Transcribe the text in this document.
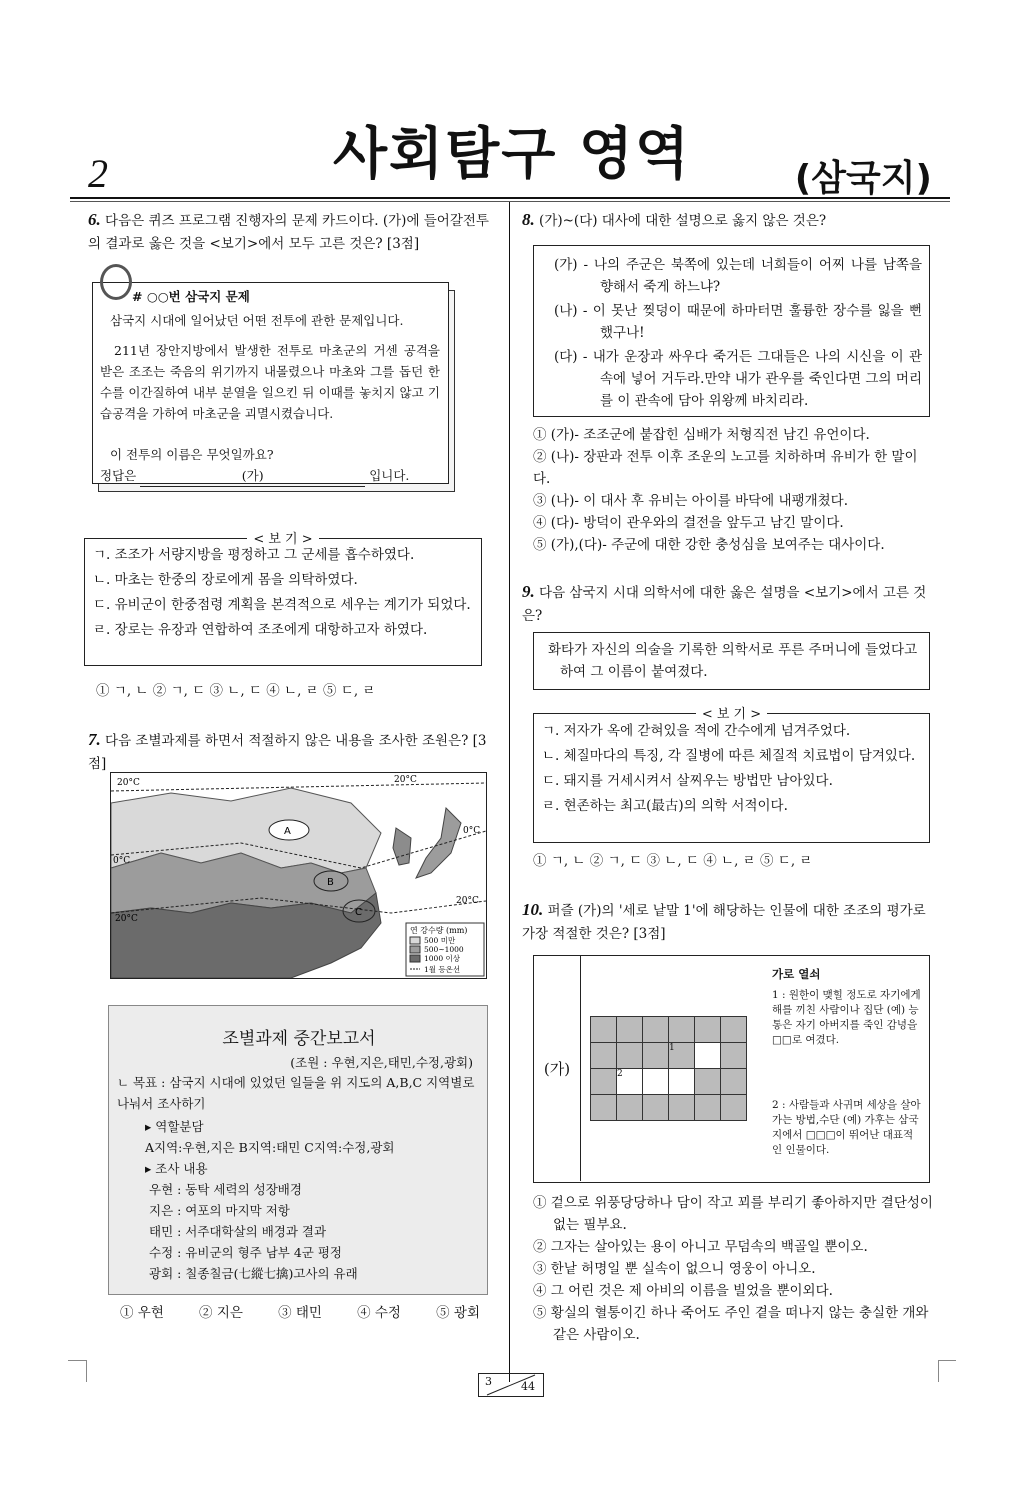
2	사회탐구 영역	(삼국지)
6. 다음은 퀴즈 프로그램 진행자의 문제 카드이다. (가)에 들어갈전투의 결과로 옳은 것을 <보기>에서 모두 고른 것은? [3점]
# ○○번 삼국지 문제
삼국지 시대에 일어났던 어떤 전투에 관한 문제입니다.
211년 장안지방에서 발생한 전투로 마초군의 거센 공격을 받은 조조는 죽음의 위기까지 내몰렸으나 마초와 그를 돕던 한수를 이간질하여 내부 분열을 일으킨 뒤 이때를 놓치지 않고 기습공격을 가하여 마초군을 괴멸시켰습니다.
이 전투의 이름은 무엇일까요?
정답은	(가)	입니다.
< 보 기 >
ㄱ. 조조가 서량지방을 평정하고 그 군세를 흡수하였다.
ㄴ. 마초는 한중의 장로에게 몸을 의탁하였다.
ㄷ. 유비군이 한중점령 계획을 본격적으로 세우는 계기가 되었다.
ㄹ. 장로는 유장과 연합하여 조조에게 대항하고자 하였다.
① ㄱ, ㄴ ② ㄱ, ㄷ ③ ㄴ, ㄷ ④ ㄴ, ㄹ ⑤ ㄷ, ㄹ
7. 다음 조별과제를 하면서 적절하지 않은 내용을 조사한 조원은? [3점]
A
B
C
20°C	20°C
0°C
0°C
20°C
20°C
연 강수량 (mm)
500 미만
500~1000
1000 이상
1월 등온선
조별과제 중간보고서
(조원 : 우현,지은,태민,수정,광회)
ㄴ 목표 : 삼국지 시대에 있었던 일들을 위 지도의 A,B,C 지역별로 나눠서 조사하기
▸ 역할분담
A지역:우현,지은 B지역:태민 C지역:수정,광회
▸ 조사 내용
우현 : 동탁 세력의 성장배경
지은 : 여포의 마지막 저항
태민 : 서주대학살의 배경과 결과
수정 : 유비군의 형주 남부 4군 평정
광회 : 칠종칠금(七縱七擒)고사의 유래
① 우현	② 지은	③ 태민	④ 수정	⑤ 광회
8. (가)~(다) 대사에 대한 설명으로 옳지 않은 것은?
(가) - 나의 주군은 북쪽에 있는데 너희들이 어찌 나를 남쪽을 향해서 죽게 하느냐?
(나) - 이 못난 찢덩이 때문에 하마터면 훌륭한 장수를 잃을 뻔 했구나!
(다) - 내가 운장과 싸우다 죽거든 그대들은 나의 시신을 이 관 속에 넣어 거두라.만약 내가 관우를 죽인다면 그의 머리를 이 관속에 담아 위왕께 바치리라.
① (가)- 조조군에 붙잡힌 심배가 처형직전 남긴 유언이다.
② (나)- 장판과 전투 이후 조운의 노고를 치하하며 유비가 한 말이다.
③ (나)- 이 대사 후 유비는 아이를 바닥에 내팽개쳤다.
④ (다)- 방덕이 관우와의 결전을 앞두고 남긴 말이다.
⑤ (가),(다)- 주군에 대한 강한 충성심을 보여주는 대사이다.
9. 다음 삼국지 시대 의학서에 대한 옳은 설명을 <보기>에서 고른 것은?
화타가 자신의 의술을 기록한 의학서로 푸른 주머니에 들었다고 하여 그 이름이 붙여졌다.
< 보 기 >
ㄱ. 저자가 옥에 갇혀있을 적에 간수에게 넘겨주었다.
ㄴ. 체질마다의 특징, 각 질병에 따른 체질적 치료법이 담겨있다.
ㄷ. 돼지를 거세시켜서 살찌우는 방법만 남아있다.
ㄹ. 현존하는 최고(最古)의 의학 서적이다.
① ㄱ, ㄴ ② ㄱ, ㄷ ③ ㄴ, ㄷ ④ ㄴ, ㄹ ⑤ ㄷ, ㄹ
10. 퍼즐 (가)의 '세로 낱말 1'에 해당하는 인물에 대한 조조의 평가로 가장 적절한 것은? [3점]
(가)

			1		
	2				

가로 열쇠
1 : 원한이 맺힐 정도로 자기에게 해를 끼친 사람이나 집단 (예) 능통은 자기 아버지를 죽인 감녕을 □□로 여겼다.
2 : 사람들과 사귀며 세상을 살아가는 방법,수단 (예) 가후는 삼국지에서 □□□이 뛰어난 대표적인 인물이다.
① 겉으로 위풍당당하나 담이 작고 꾀를 부리기 좋아하지만 결단성이 없는 필부요.
② 그자는 살아있는 용이 아니고 무덤속의 백골일 뿐이오.
③ 한낱 허명일 뿐 실속이 없으니 영웅이 아니오.
④ 그 어린 것은 제 아비의 이름을 빌었을 뿐이외다.
⑤ 황실의 혈통이긴 하나 죽어도 주인 곁을 떠나지 않는 충실한 개와 같은 사람이오.
3	44
